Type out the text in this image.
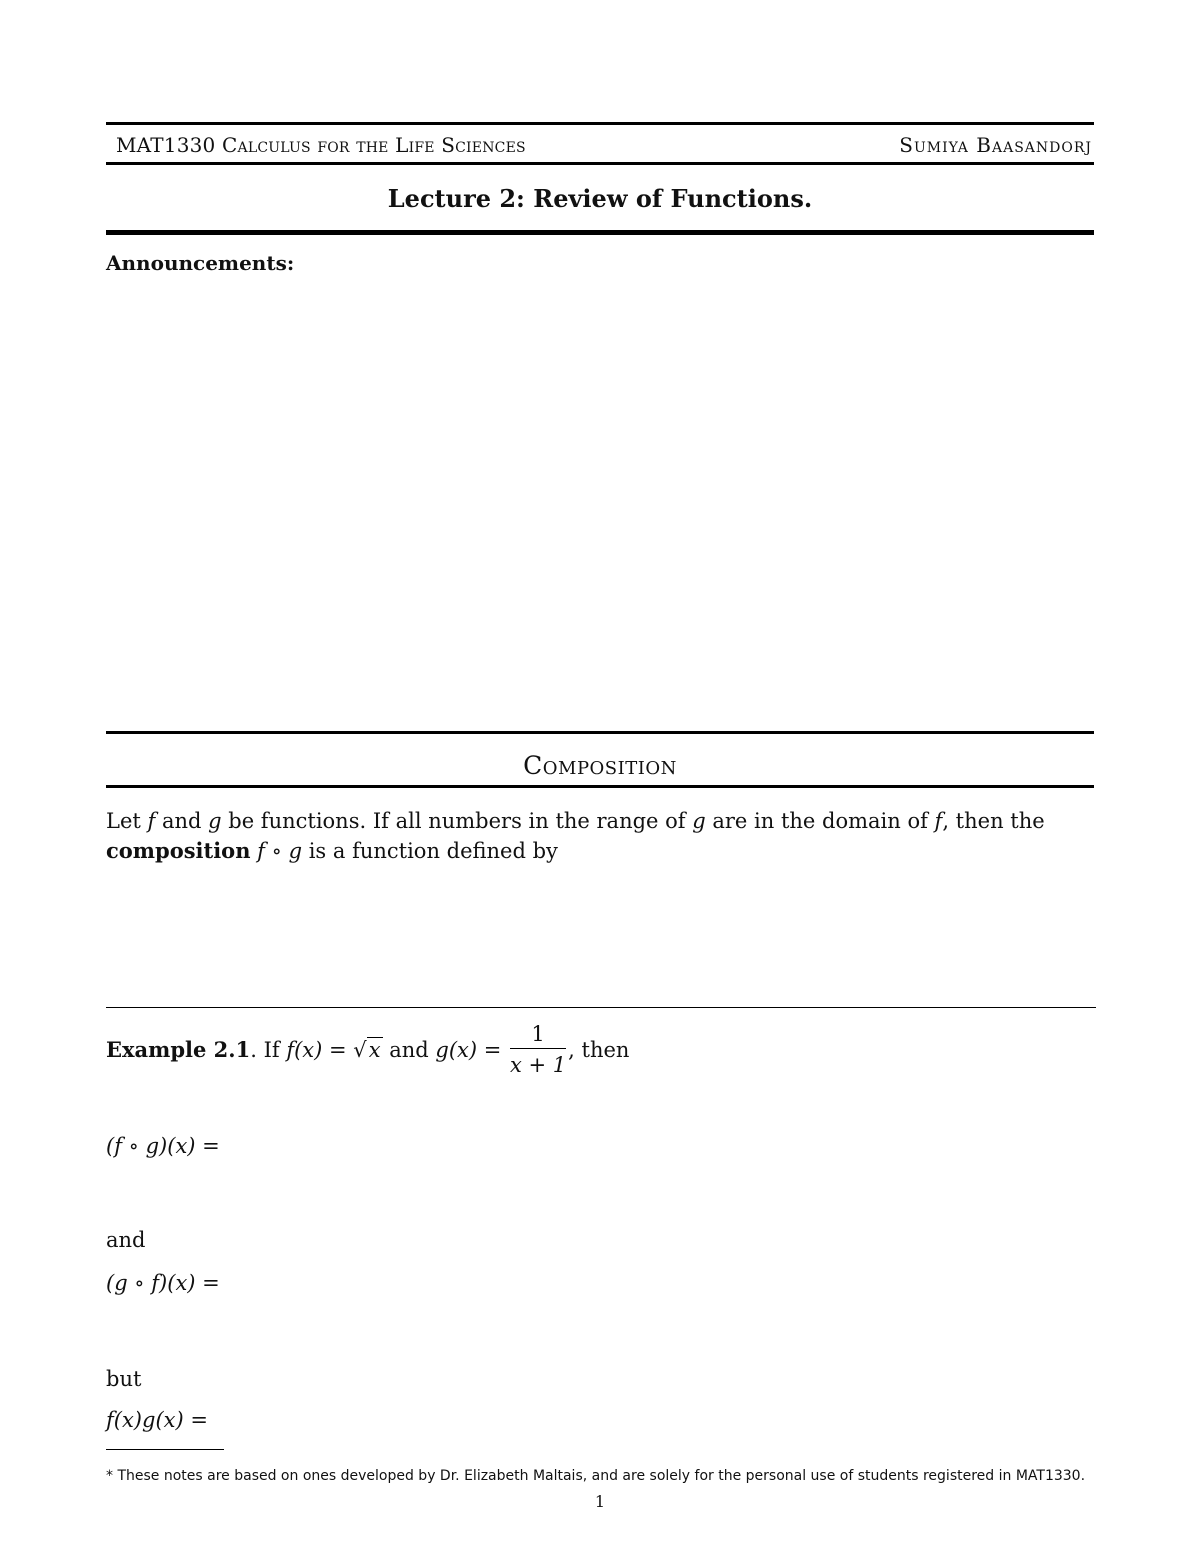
MAT1330 Calculus for the Life Sciences	Sumiya Baasandorj
Lecture 2: Review of Functions.
Announcements:
Composition
Let f and g be functions. If all numbers in the range of g are in the domain of f, then the
composition f ∘ g is a function defined by
Example 2.1. If f(x) = √x and $g(x) = \frac{1}{x + 1}$ , then
(f ∘ g)(x) =
and
(g ∘ f)(x) =
but
f(x)g(x) =
* These notes are based on ones developed by Dr. Elizabeth Maltais, and are solely for the personal use of students registered in MAT1330.
1
